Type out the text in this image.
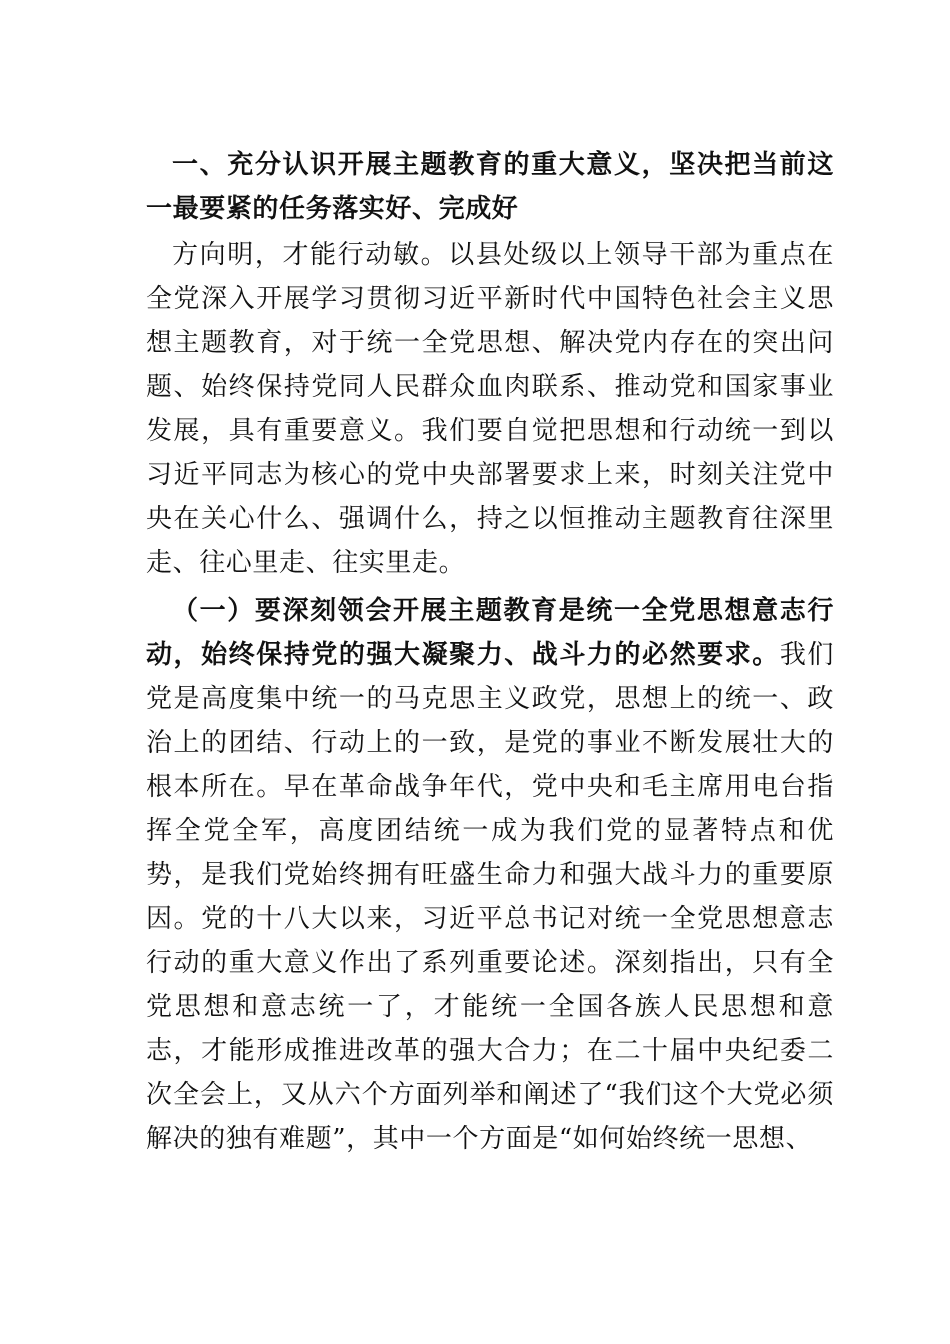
一、充分认识开展主题教育的重大意义，坚决把当前这一最要紧的任务落实好、完成好

方向明，才能行动敏。以县处级以上领导干部为重点在全党深入开展学习贯彻习近平新时代中国特色社会主义思想主题教育，对于统一全党思想、解决党内存在的突出问题、始终保持党同人民群众血肉联系、推动党和国家事业发展，具有重要意义。我们要自觉把思想和行动统一到以习近平同志为核心的党中央部署要求上来，时刻关注党中央在关心什么、强调什么，持之以恒推动主题教育往深里走、往心里走、往实里走。

（一）要深刻领会开展主题教育是统一全党思想意志行动，始终保持党的强大凝聚力、战斗力的必然要求。我们党是高度集中统一的马克思主义政党，思想上的统一、政治上的团结、行动上的一致，是党的事业不断发展壮大的根本所在。早在革命战争年代，党中央和毛主席用电台指挥全党全军，高度团结统一成为我们党的显著特点和优势，是我们党始终拥有旺盛生命力和强大战斗力的重要原因。党的十八大以来，习近平总书记对统一全党思想意志行动的重大意义作出了系列重要论述。深刻指出，只有全党思想和意志统一了，才能统一全国各族人民思想和意志，才能形成推进改革的强大合力；在二十届中央纪委二次全会上，又从六个方面列举和阐述了“我们这个大党必须解决的独有难题”，其中一个方面是“如何始终统一思想、
